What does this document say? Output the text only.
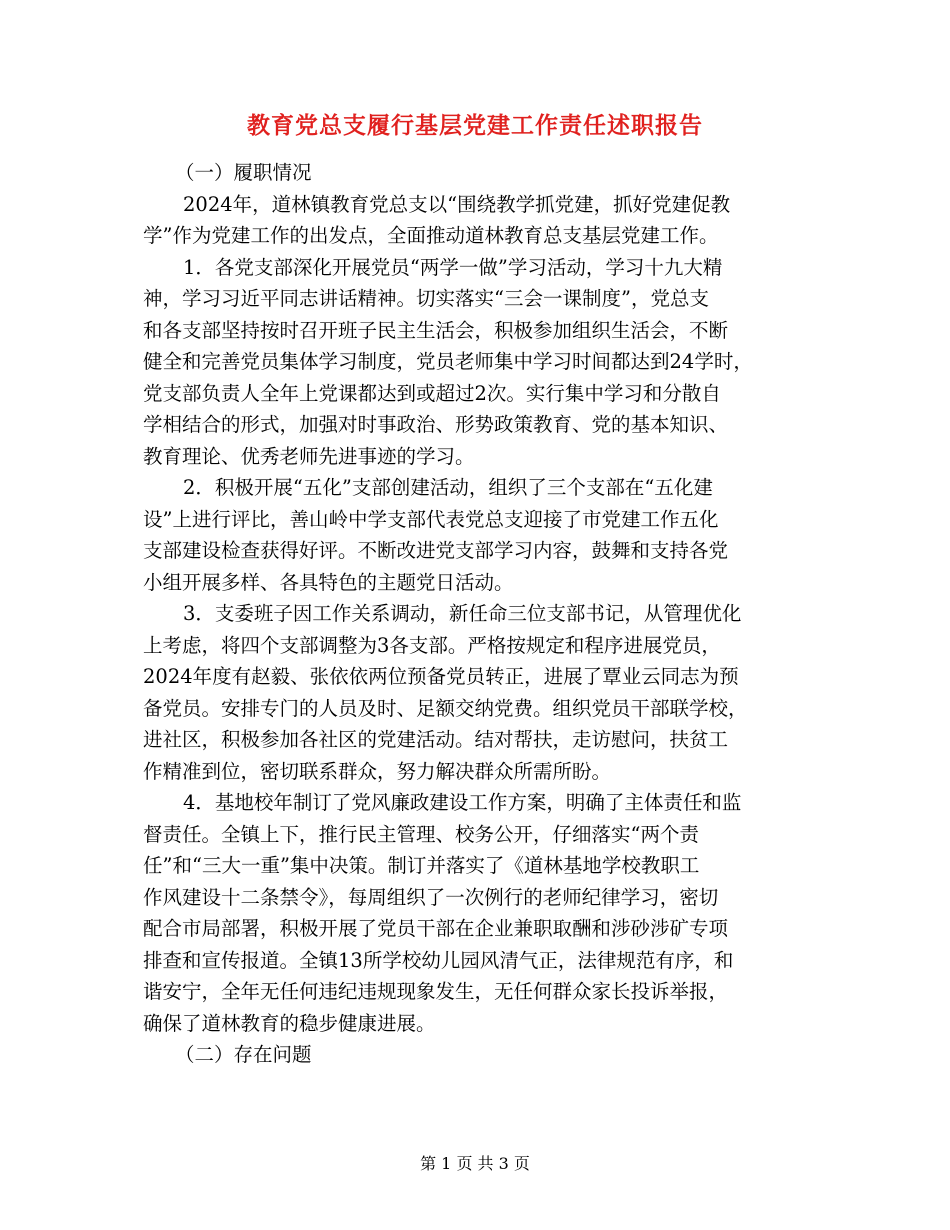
教育党总支履行基层党建工作责任述职报告
（一）履职情况
2024年，道林镇教育党总支以“围绕教学抓党建，抓好党建促教
学”作为党建工作的出发点，全面推动道林教育总支基层党建工作。
1．各党支部深化开展党员“两学一做”学习活动，学习十九大精
神，学习习近平同志讲话精神。切实落实“三会一课制度”，党总支
和各支部坚持按时召开班子民主生活会，积极参加组织生活会，不断
健全和完善党员集体学习制度，党员老师集中学习时间都达到24学时，
党支部负责人全年上党课都达到或超过2次。实行集中学习和分散自
学相结合的形式，加强对时事政治、形势政策教育、党的基本知识、
教育理论、优秀老师先进事迹的学习。
2．积极开展“五化”支部创建活动，组织了三个支部在“五化建
设”上进行评比，善山岭中学支部代表党总支迎接了市党建工作五化
支部建设检查获得好评。不断改进党支部学习内容，鼓舞和支持各党
小组开展多样、各具特色的主题党日活动。
3．支委班子因工作关系调动，新任命三位支部书记，从管理优化
上考虑，将四个支部调整为3各支部。严格按规定和程序进展党员，
2024年度有赵毅、张依依两位预备党员转正，进展了覃业云同志为预
备党员。安排专门的人员及时、足额交纳党费。组织党员干部联学校，
进社区，积极参加各社区的党建活动。结对帮扶，走访慰问，扶贫工
作精准到位，密切联系群众，努力解决群众所需所盼。
4．基地校年制订了党风廉政建设工作方案，明确了主体责任和监
督责任。全镇上下，推行民主管理、校务公开，仔细落实“两个责
任”和“三大一重”集中决策。制订并落实了《道林基地学校教职工
作风建设十二条禁令》，每周组织了一次例行的老师纪律学习，密切
配合市局部署，积极开展了党员干部在企业兼职取酬和涉砂涉矿专项
排查和宣传报道。全镇13所学校幼儿园风清气正，法律规范有序，和
谐安宁，全年无任何违纪违规现象发生，无任何群众家长投诉举报，
确保了道林教育的稳步健康进展。
（二）存在问题
第 1 页 共 3 页
